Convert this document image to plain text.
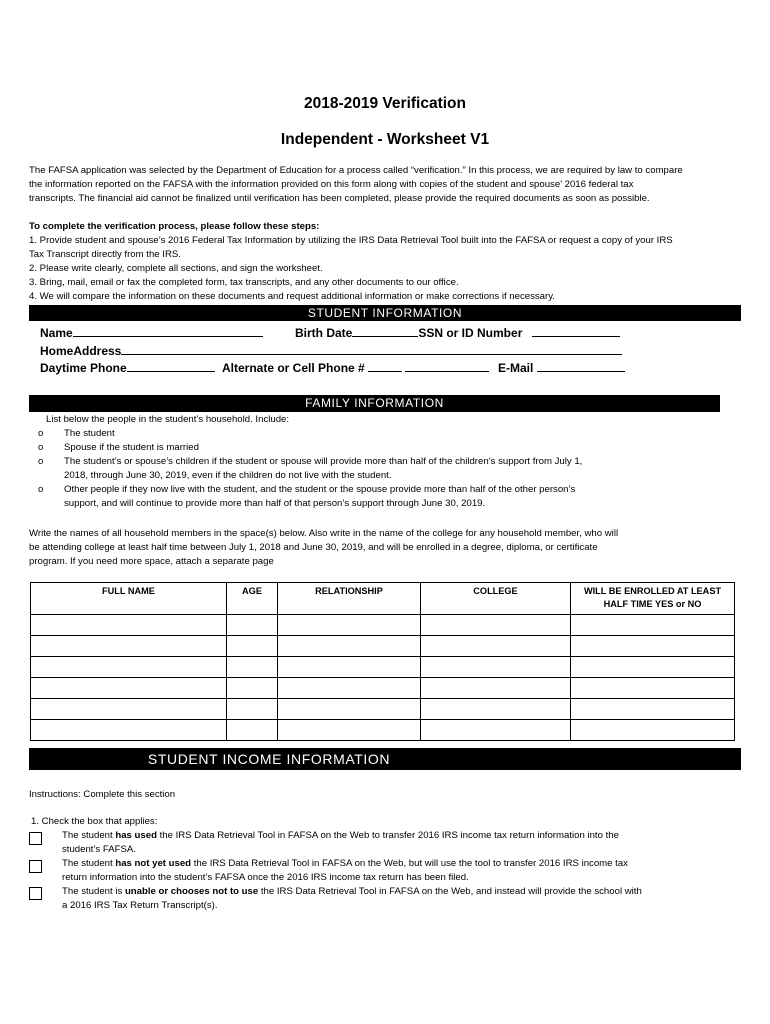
2018-2019 Verification
Independent - Worksheet V1
The FAFSA application was selected by the Department of Education for a process called “verification.” In this process, we are required by law to compare
the information reported on the FAFSA with the information provided on this form along with copies of the student and spouse’ 2016 federal tax
transcripts. The financial aid cannot be finalized until verification has been completed, please provide the required documents as soon as possible.
To complete the verification process, please follow these steps:
1. Provide student and spouse’s 2016 Federal Tax Information by utilizing the IRS Data Retrieval Tool built into the FAFSA or request a copy of your IRS
Tax Transcript directly from the IRS.
2. Please write clearly, complete all sections, and sign the worksheet.
3. Bring, mail, email or fax the completed form, tax transcripts, and any other documents to our office.
4. We will compare the information on these documents and request additional information or make corrections if necessary.
STUDENT INFORMATION
Name	Birth Date	SSN or ID Number
HomeAddress
Daytime Phone	Alternate or Cell Phone #	E-Mail
FAMILY INFORMATION
List below the people in the student’s household. Include:
o The student
o Spouse if the student is married
o The student’s or spouse’s children if the student or spouse will provide more than half of the children’s support from July 1,
2018, through June 30, 2019, even if the children do not live with the student.
o Other people if they now live with the student, and the student or the spouse provide more than half of the other person’s
support, and will continue to provide more than half of that person’s support through June 30, 2019.
Write the names of all household members in the space(s) below. Also write in the name of the college for any household member, who will
be attending college at least half time between July 1, 2018 and June 30, 2019, and will be enrolled in a degree, diploma, or certificate
program. If you need more space, attach a separate page
FULL NAME	AGE	RELATIONSHIP	COLLEGE	WILL BE ENROLLED AT LEAST
HALF TIME YES or NO

STUDENT INCOME INFORMATION
Instructions: Complete this section
1. Check the box that applies:
The student has used the IRS Data Retrieval Tool in FAFSA on the Web to transfer 2016 IRS income tax return information into the
student’s FAFSA.
The student has not yet used the IRS Data Retrieval Tool in FAFSA on the Web, but will use the tool to transfer 2016 IRS income tax
return information into the student’s FAFSA once the 2016 IRS income tax return has been filed.
The student is unable or chooses not to use the IRS Data Retrieval Tool in FAFSA on the Web, and instead will provide the school with
a 2016 IRS Tax Return Transcript(s).
